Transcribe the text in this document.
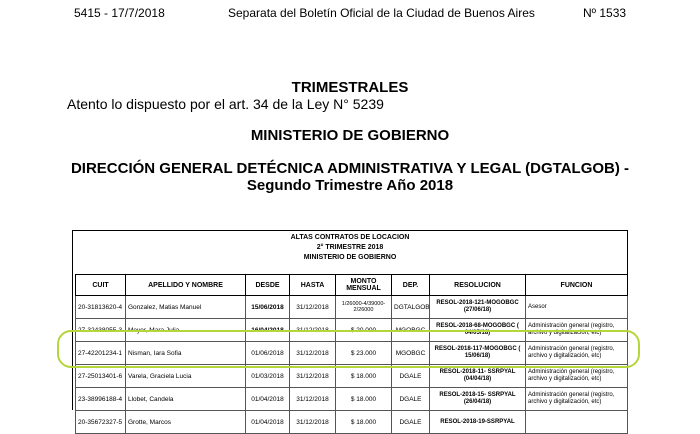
5415 - 17/7/2018	Separata del Boletín Oficial de la Ciudad de Buenos Aires	Nº 1533
TRIMESTRALES
Atento lo dispuesto por el art. 34 de la Ley N° 5239
MINISTERIO DE GOBIERNO
DIRECCIÓN GENERAL DETÉCNICA ADMINISTRATIVA Y LEGAL (DGTALGOB) -
Segundo Trimestre Año 2018
ALTAS CONTRATOS DE LOCACION
2° TRIMESTRE 2018
MINISTERIO DE GOBIERNO
CUIT	APELLIDO Y NOMBRE	DESDE	HASTA	MONTO MENSUAL	DEP.	RESOLUCION	FUNCION
20-31813620-4	Gonzalez, Matias Manuel	15/06/2018	31/12/2018	1/26000-4/39000-2/26000	DGTALGOB	RESOL-2018-121-MOGOBGC (27/06/18)	Asesor
27-32438055-3	Meyer, Mara Julia	16/04/2018	31/12/2018	$ 20.000	MGOBGC	RESOL-2018-68-MOGOBGC ( 04/05/18)	Administración general (registro, archivo y digitalización, etc)
27-42201234-1	Nisman, Iara Sofia	01/06/2018	31/12/2018	$ 23.000	MGOBGC	RESOL-2018-117-MOGOBGC ( 15/06/18)	Administración general (registro, archivo y digitalización, etc)
27-25013401-6	Varela, Graciela Lucia	01/03/2018	31/12/2018	$ 18.000	DGALE	RESOL-2018-11- SSRPYAL (04/04/18)	Administración general (registro, archivo y digitalización, etc)
23-38996188-4	Llobet, Candela	01/04/2018	31/12/2018	$ 18.000	DGALE	RESOL-2018-15- SSRPYAL (26/04/18)	Administración general (registro, archivo y digitalización, etc)
20-35672327-5	Grotte, Marcos	01/04/2018	31/12/2018	$ 18.000	DGALE	RESOL-2018-19-SSRPYAL	
